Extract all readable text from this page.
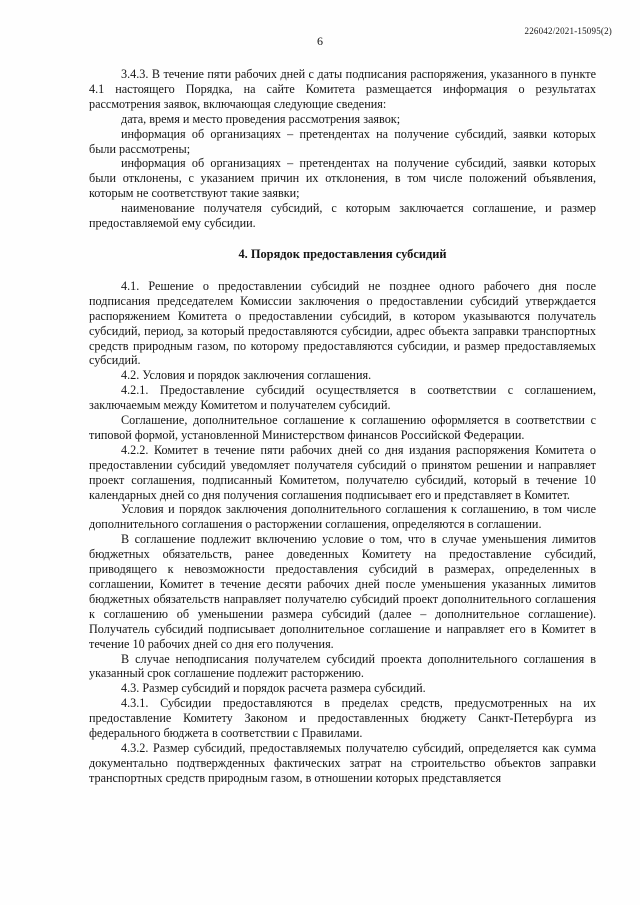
226042/2021-15095(2)
6

3.4.3. В течение пяти рабочих дней с даты подписания распоряжения, указанного в пункте 4.1 настоящего Порядка, на сайте Комитета размещается информация о результатах рассмотрения заявок, включающая следующие сведения:

дата, время и место проведения рассмотрения заявок;

информация об организациях – претендентах на получение субсидий, заявки которых были рассмотрены;

информация об организациях – претендентах на получение субсидий, заявки которых были отклонены, с указанием причин их отклонения, в том числе положений объявления, которым не соответствуют такие заявки;

наименование получателя субсидий, с которым заключается соглашение, и размер предоставляемой ему субсидии.

4. Порядок предоставления субсидий

4.1. Решение о предоставлении субсидий не позднее одного рабочего дня после подписания председателем Комиссии заключения о предоставлении субсидий утверждается распоряжением Комитета о предоставлении субсидий, в котором указываются получатель субсидий, период, за который предоставляются субсидии, адрес объекта заправки транспортных средств природным газом, по которому предоставляются субсидии, и размер предоставляемых субсидий.

4.2. Условия и порядок заключения соглашения.

4.2.1. Предоставление субсидий осуществляется в соответствии с соглашением, заключаемым между Комитетом и получателем субсидий.

Соглашение, дополнительное соглашение к соглашению оформляется в соответствии с типовой формой, установленной Министерством финансов Российской Федерации.

4.2.2. Комитет в течение пяти рабочих дней со дня издания распоряжения Комитета о предоставлении субсидий уведомляет получателя субсидий о принятом решении и направляет проект соглашения, подписанный Комитетом, получателю субсидий, который в течение 10 календарных дней со дня получения соглашения подписывает его и представляет в Комитет.

Условия и порядок заключения дополнительного соглашения к соглашению, в том числе дополнительного соглашения о расторжении соглашения, определяются в соглашении.

В соглашение подлежит включению условие о том, что в случае уменьшения лимитов бюджетных обязательств, ранее доведенных Комитету на предоставление субсидий, приводящего к невозможности предоставления субсидий в размерах, определенных в соглашении, Комитет в течение десяти рабочих дней после уменьшения указанных лимитов бюджетных обязательств направляет получателю субсидий проект дополнительного соглашения к соглашению об уменьшении размера субсидий (далее – дополнительное соглашение). Получатель субсидий подписывает дополнительное соглашение и направляет его в Комитет в течение 10 рабочих дней со дня его получения.

В случае неподписания получателем субсидий проекта дополнительного соглашения в указанный срок соглашение подлежит расторжению.

4.3. Размер субсидий и порядок расчета размера субсидий.

4.3.1. Субсидии предоставляются в пределах средств, предусмотренных на их предоставление Комитету Законом и предоставленных бюджету Санкт-Петербурга из федерального бюджета в соответствии с Правилами.

4.3.2. Размер субсидий, предоставляемых получателю субсидий, определяется как сумма документально подтвержденных фактических затрат на строительство объектов заправки транспортных средств природным газом, в отношении которых представляется
